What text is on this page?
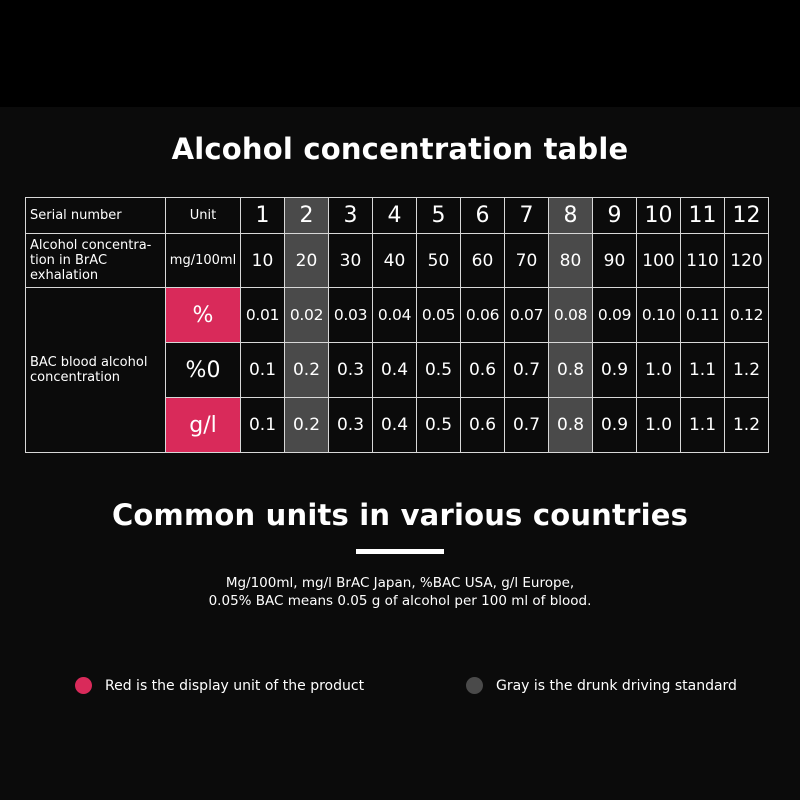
Alcohol concentration table
Serial number	Unit	1	2	3	4	5	6	7	8	9	10	11	12
Alcohol concentra-tion in BrAC exhalation	mg/100ml	10	20	30	40	50	60	70	80	90	100	110	120
BAC blood alcohol concentration	%	0.01	0.02	0.03	0.04	0.05	0.06	0.07	0.08	0.09	0.10	0.11	0.12
	%0	0.1	0.2	0.3	0.4	0.5	0.6	0.7	0.8	0.9	1.0	1.1	1.2
	g/l	0.1	0.2	0.3	0.4	0.5	0.6	0.7	0.8	0.9	1.0	1.1	1.2
Common units in various countries
Mg/100ml, mg/l BrAC Japan, %BAC USA, g/l Europe,
0.05% BAC means 0.05 g of alcohol per 100 ml of blood.
Red is the display unit of the product	Gray is the drunk driving standard
